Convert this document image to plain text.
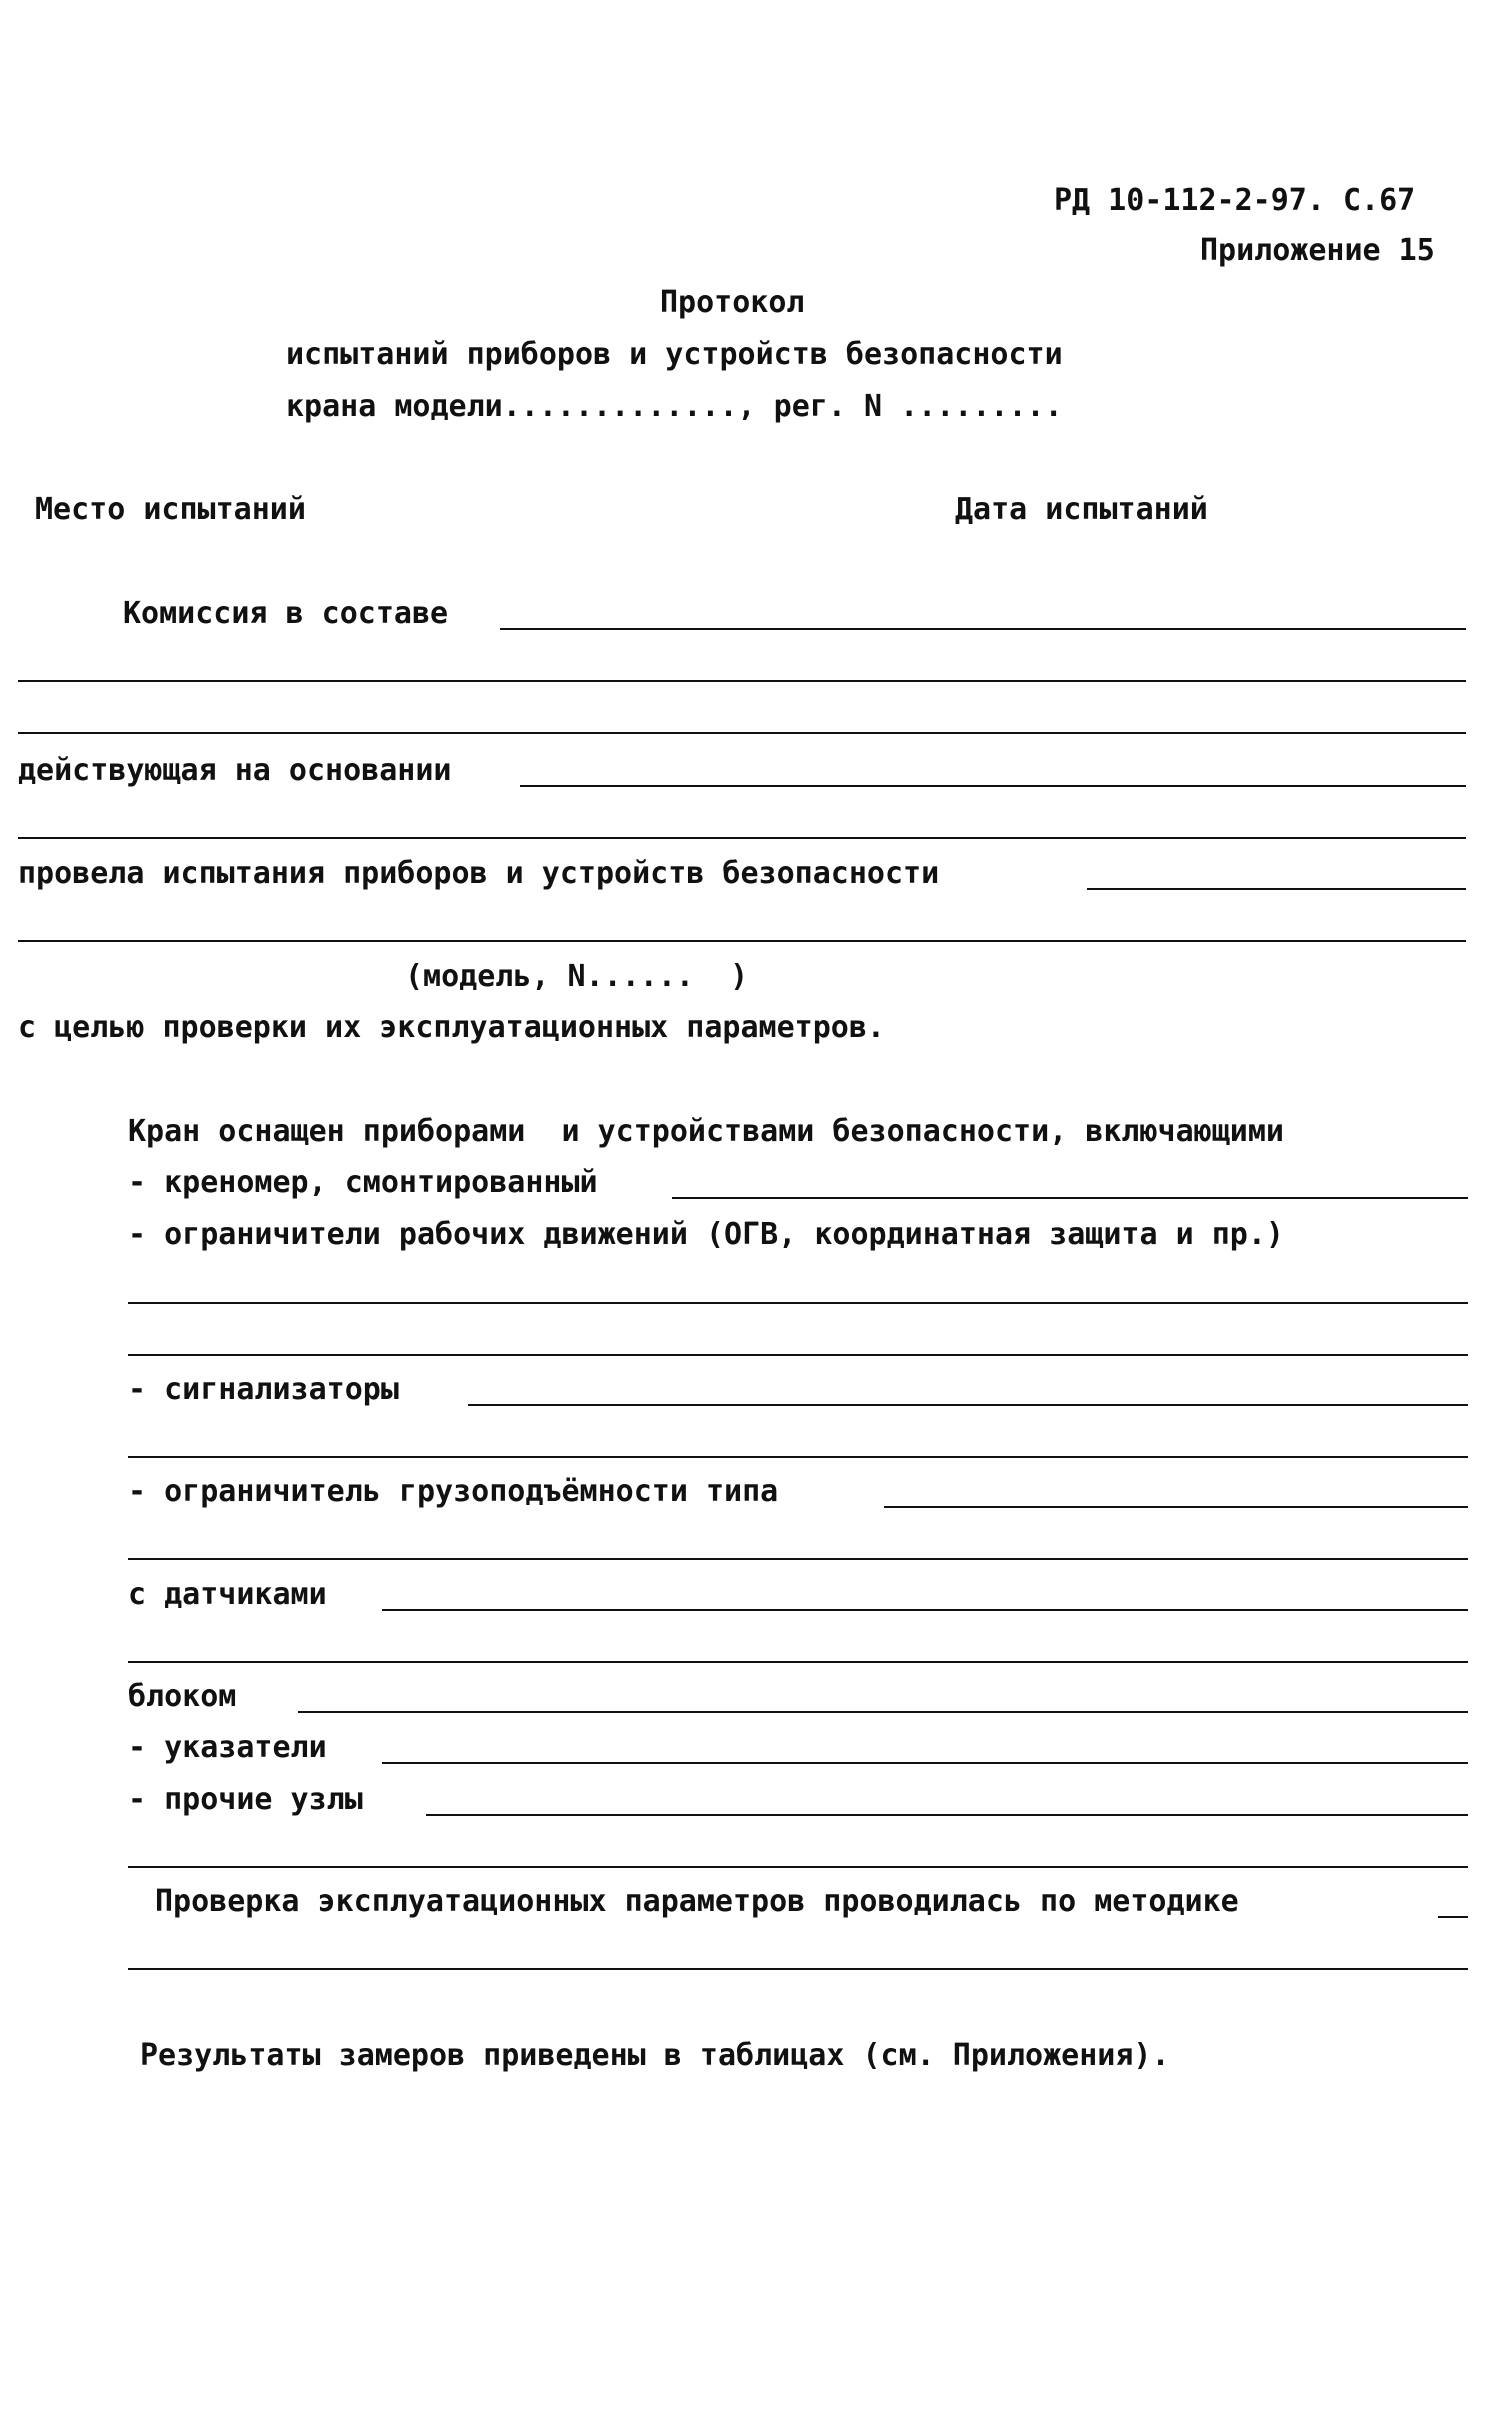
РД 10-112-2-97. С.67
Приложение 15
Протокол
испытаний приборов и устройств безопасности
крана модели............., рег. N .........
Место испытаний	Дата испытаний
Комиссия в составе
действующая на основании
провела испытания приборов и устройств безопасности
(модель, N......  )
с целью проверки их эксплуатационных параметров.
Кран оснащен приборами  и устройствами безопасности, включающими
- креномер, смонтированный
- ограничители рабочих движений (ОГВ, координатная защита и пр.)
- сигнализаторы
- ограничитель грузоподъёмности типа
с датчиками
блоком
- указатели
- прочие узлы
Проверка эксплуатационных параметров проводилась по методике
Результаты замеров приведены в таблицах (см. Приложения).
